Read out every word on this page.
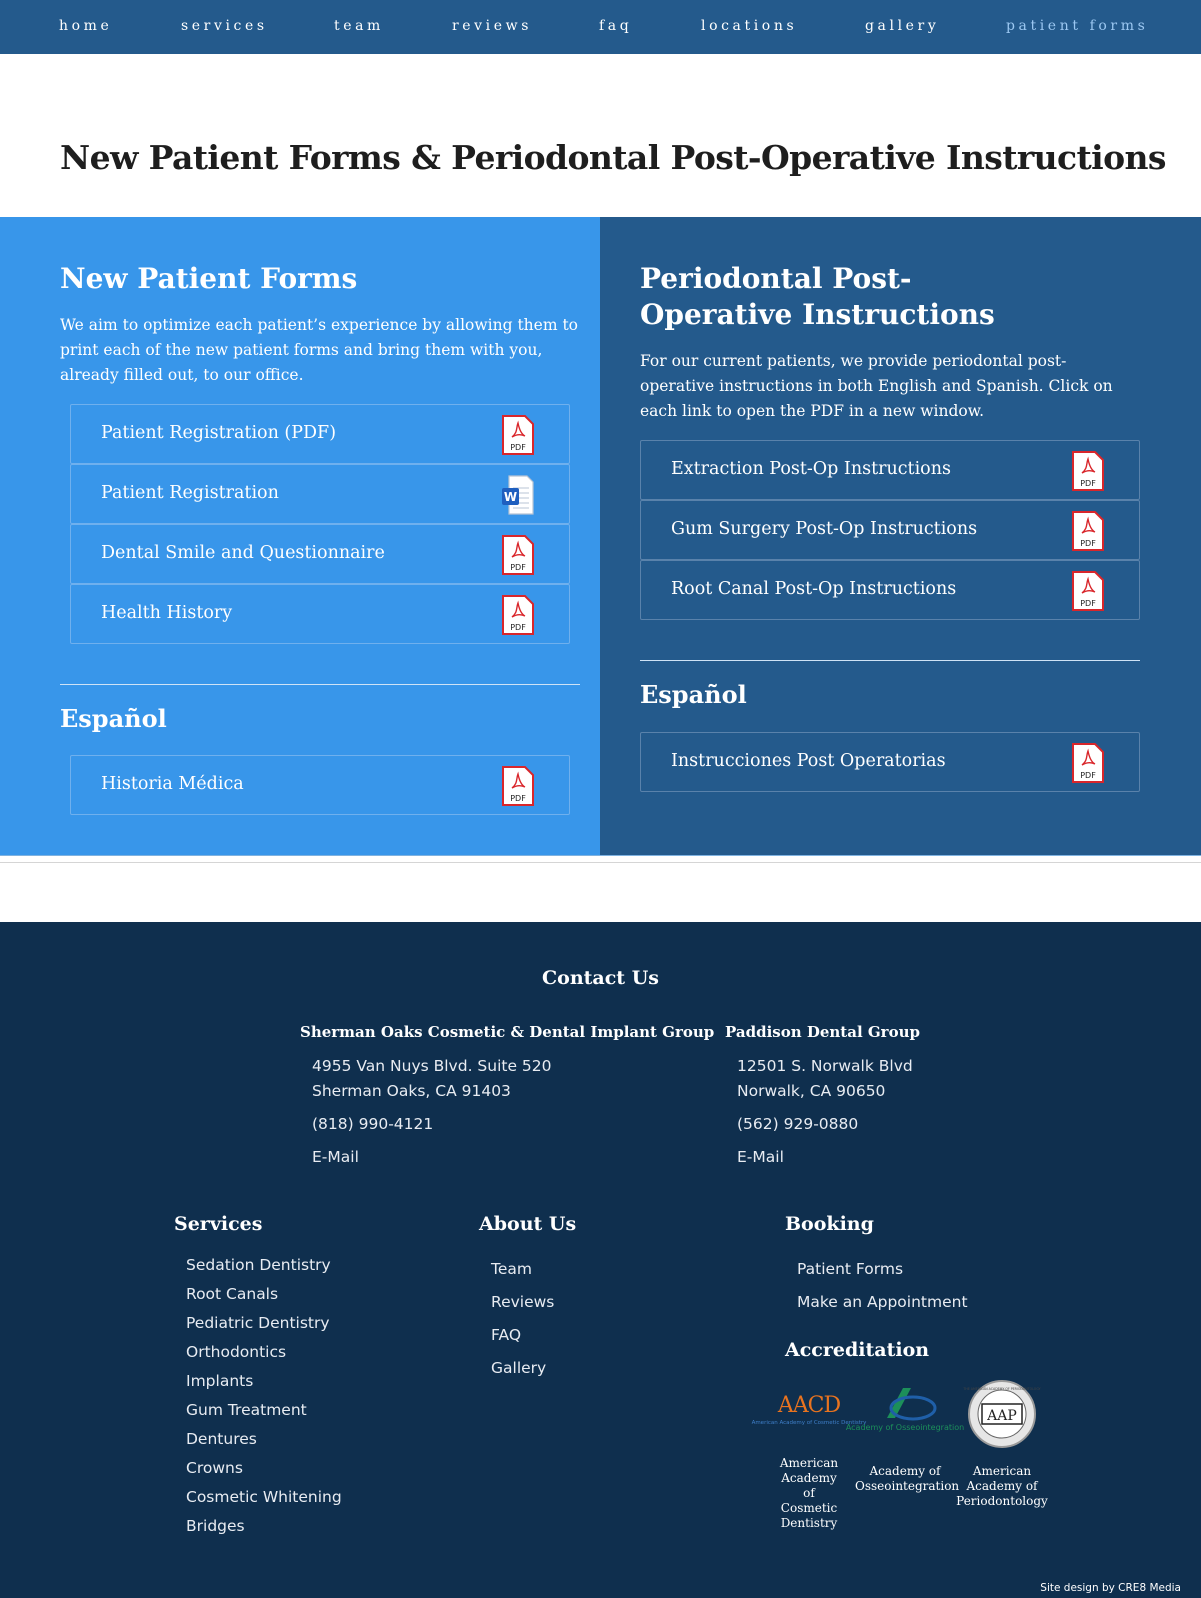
home	services	team	reviews	faq	locations	gallery	patient forms
New Patient Forms & Periodontal Post-Operative Instructions
New Patient Forms

We aim to optimize each patient’s experience by allowing them to print each of the new patient forms and bring them with you, already filled out, to our office.

Patient Registration (PDF)
PDF
Patient Registration	W
Dental Smile and Questionnaire
PDF
Health History
PDF
Español
Historia Médica
PDF
Periodontal Post-Operative Instructions

For our current patients, we provide periodontal post-operative instructions in both English and Spanish. Click on each link to open the PDF in a new window.

Extraction Post-Op Instructions
PDF
Gum Surgery Post-Op Instructions
PDF
Root Canal Post-Op Instructions
PDF
Español
Instrucciones Post Operatorias
PDF
Contact Us
Sherman Oaks Cosmetic & Dental Implant Group
4955 Van Nuys Blvd. Suite 520
Sherman Oaks, CA 91403
(818) 990-4121
E-Mail
Paddison Dental Group
12501 S. Norwalk Blvd
Norwalk, CA 90650
(562) 929-0880
E-Mail
Services
Sedation Dentistry
Root Canals
Pediatric Dentistry
Orthodontics
Implants
Gum Treatment
Dentures
Crowns
Cosmetic Whitening
Bridges
About Us
Team
Reviews
FAQ
Gallery
Booking
Patient Forms
Make an Appointment
Accreditation
AACD
American Academy of Cosmetic Dentistry
American Academy of Cosmetic Dentistry
Academy of Osseointegration
Academy of Osseointegration
AAP
THE AMERICAN ACADEMY OF PERIODONTOLOGY
American Academy of Periodontology
Site design by CRE8 Media
